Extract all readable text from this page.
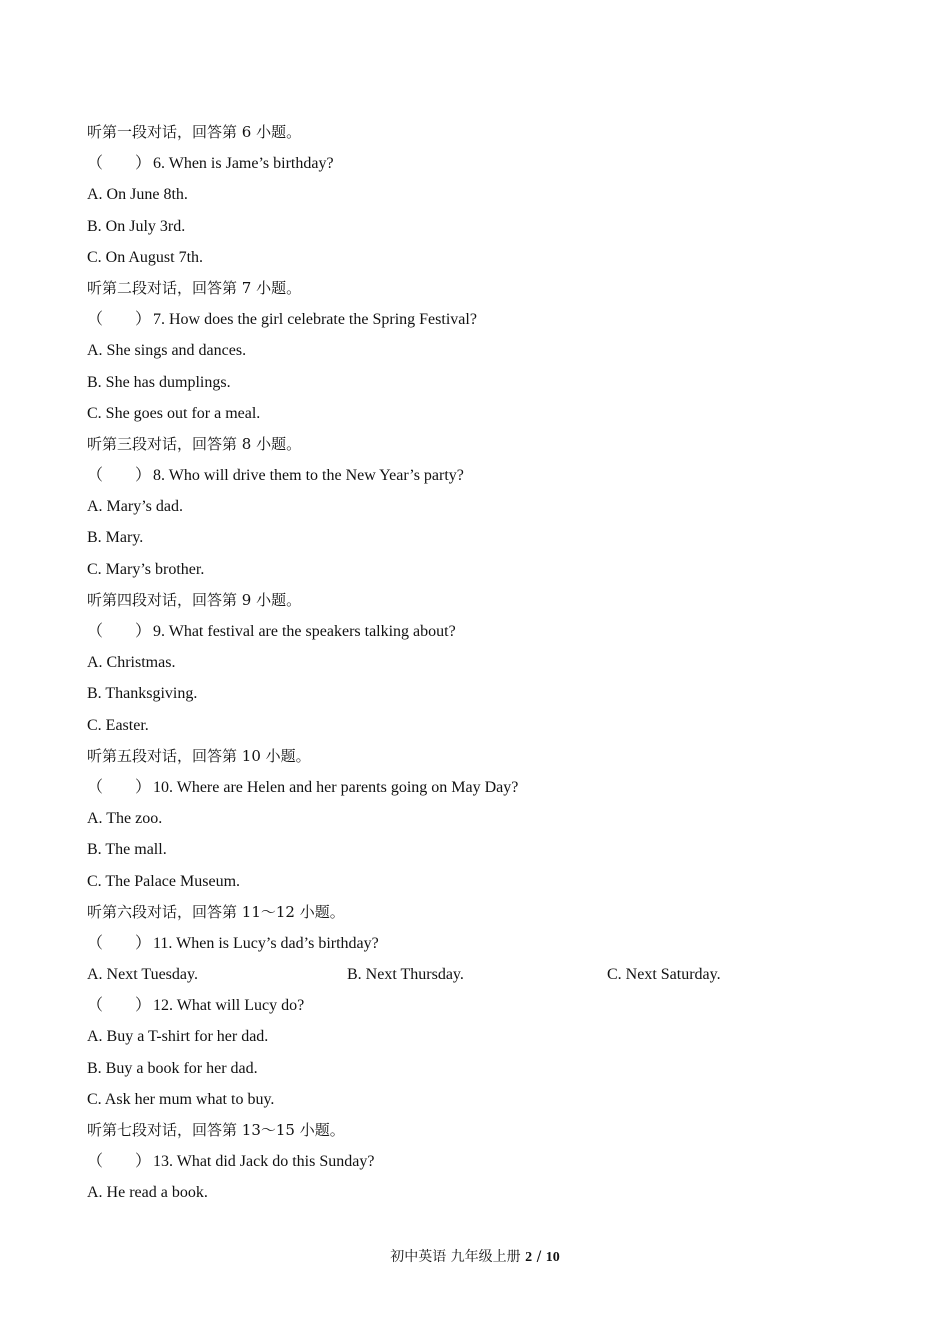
听第一段对话，回答第 6 小题。
（　　） 6. When is Jame’s birthday?
A. On June 8th.
B. On July 3rd.
C. On August 7th.
听第二段对话，回答第 7 小题。
（　　） 7. How does the girl celebrate the Spring Festival?
A. She sings and dances.
B. She has dumplings.
C. She goes out for a meal.
听第三段对话，回答第 8 小题。
（　　） 8. Who will drive them to the New Year’s party?
A. Mary’s dad.
B. Mary.
C. Mary’s brother.
听第四段对话，回答第 9 小题。
（　　） 9. What festival are the speakers talking about?
A. Christmas.
B. Thanksgiving.
C. Easter.
听第五段对话，回答第 10 小题。
（　　） 10. Where are Helen and her parents going on May Day?
A. The zoo.
B. The mall.
C. The Palace Museum.
听第六段对话，回答第 11～12 小题。
（　　） 11. When is Lucy’s dad’s birthday?
A. Next Tuesday.	B. Next Thursday.	C. Next Saturday.
（　　） 12. What will Lucy do?
A. Buy a T-shirt for her dad.
B. Buy a book for her dad.
C. Ask her mum what to buy.
听第七段对话，回答第 13～15 小题。
（　　） 13. What did Jack do this Sunday?
A. He read a book.
初中英语 九年级上册 2 / 10
